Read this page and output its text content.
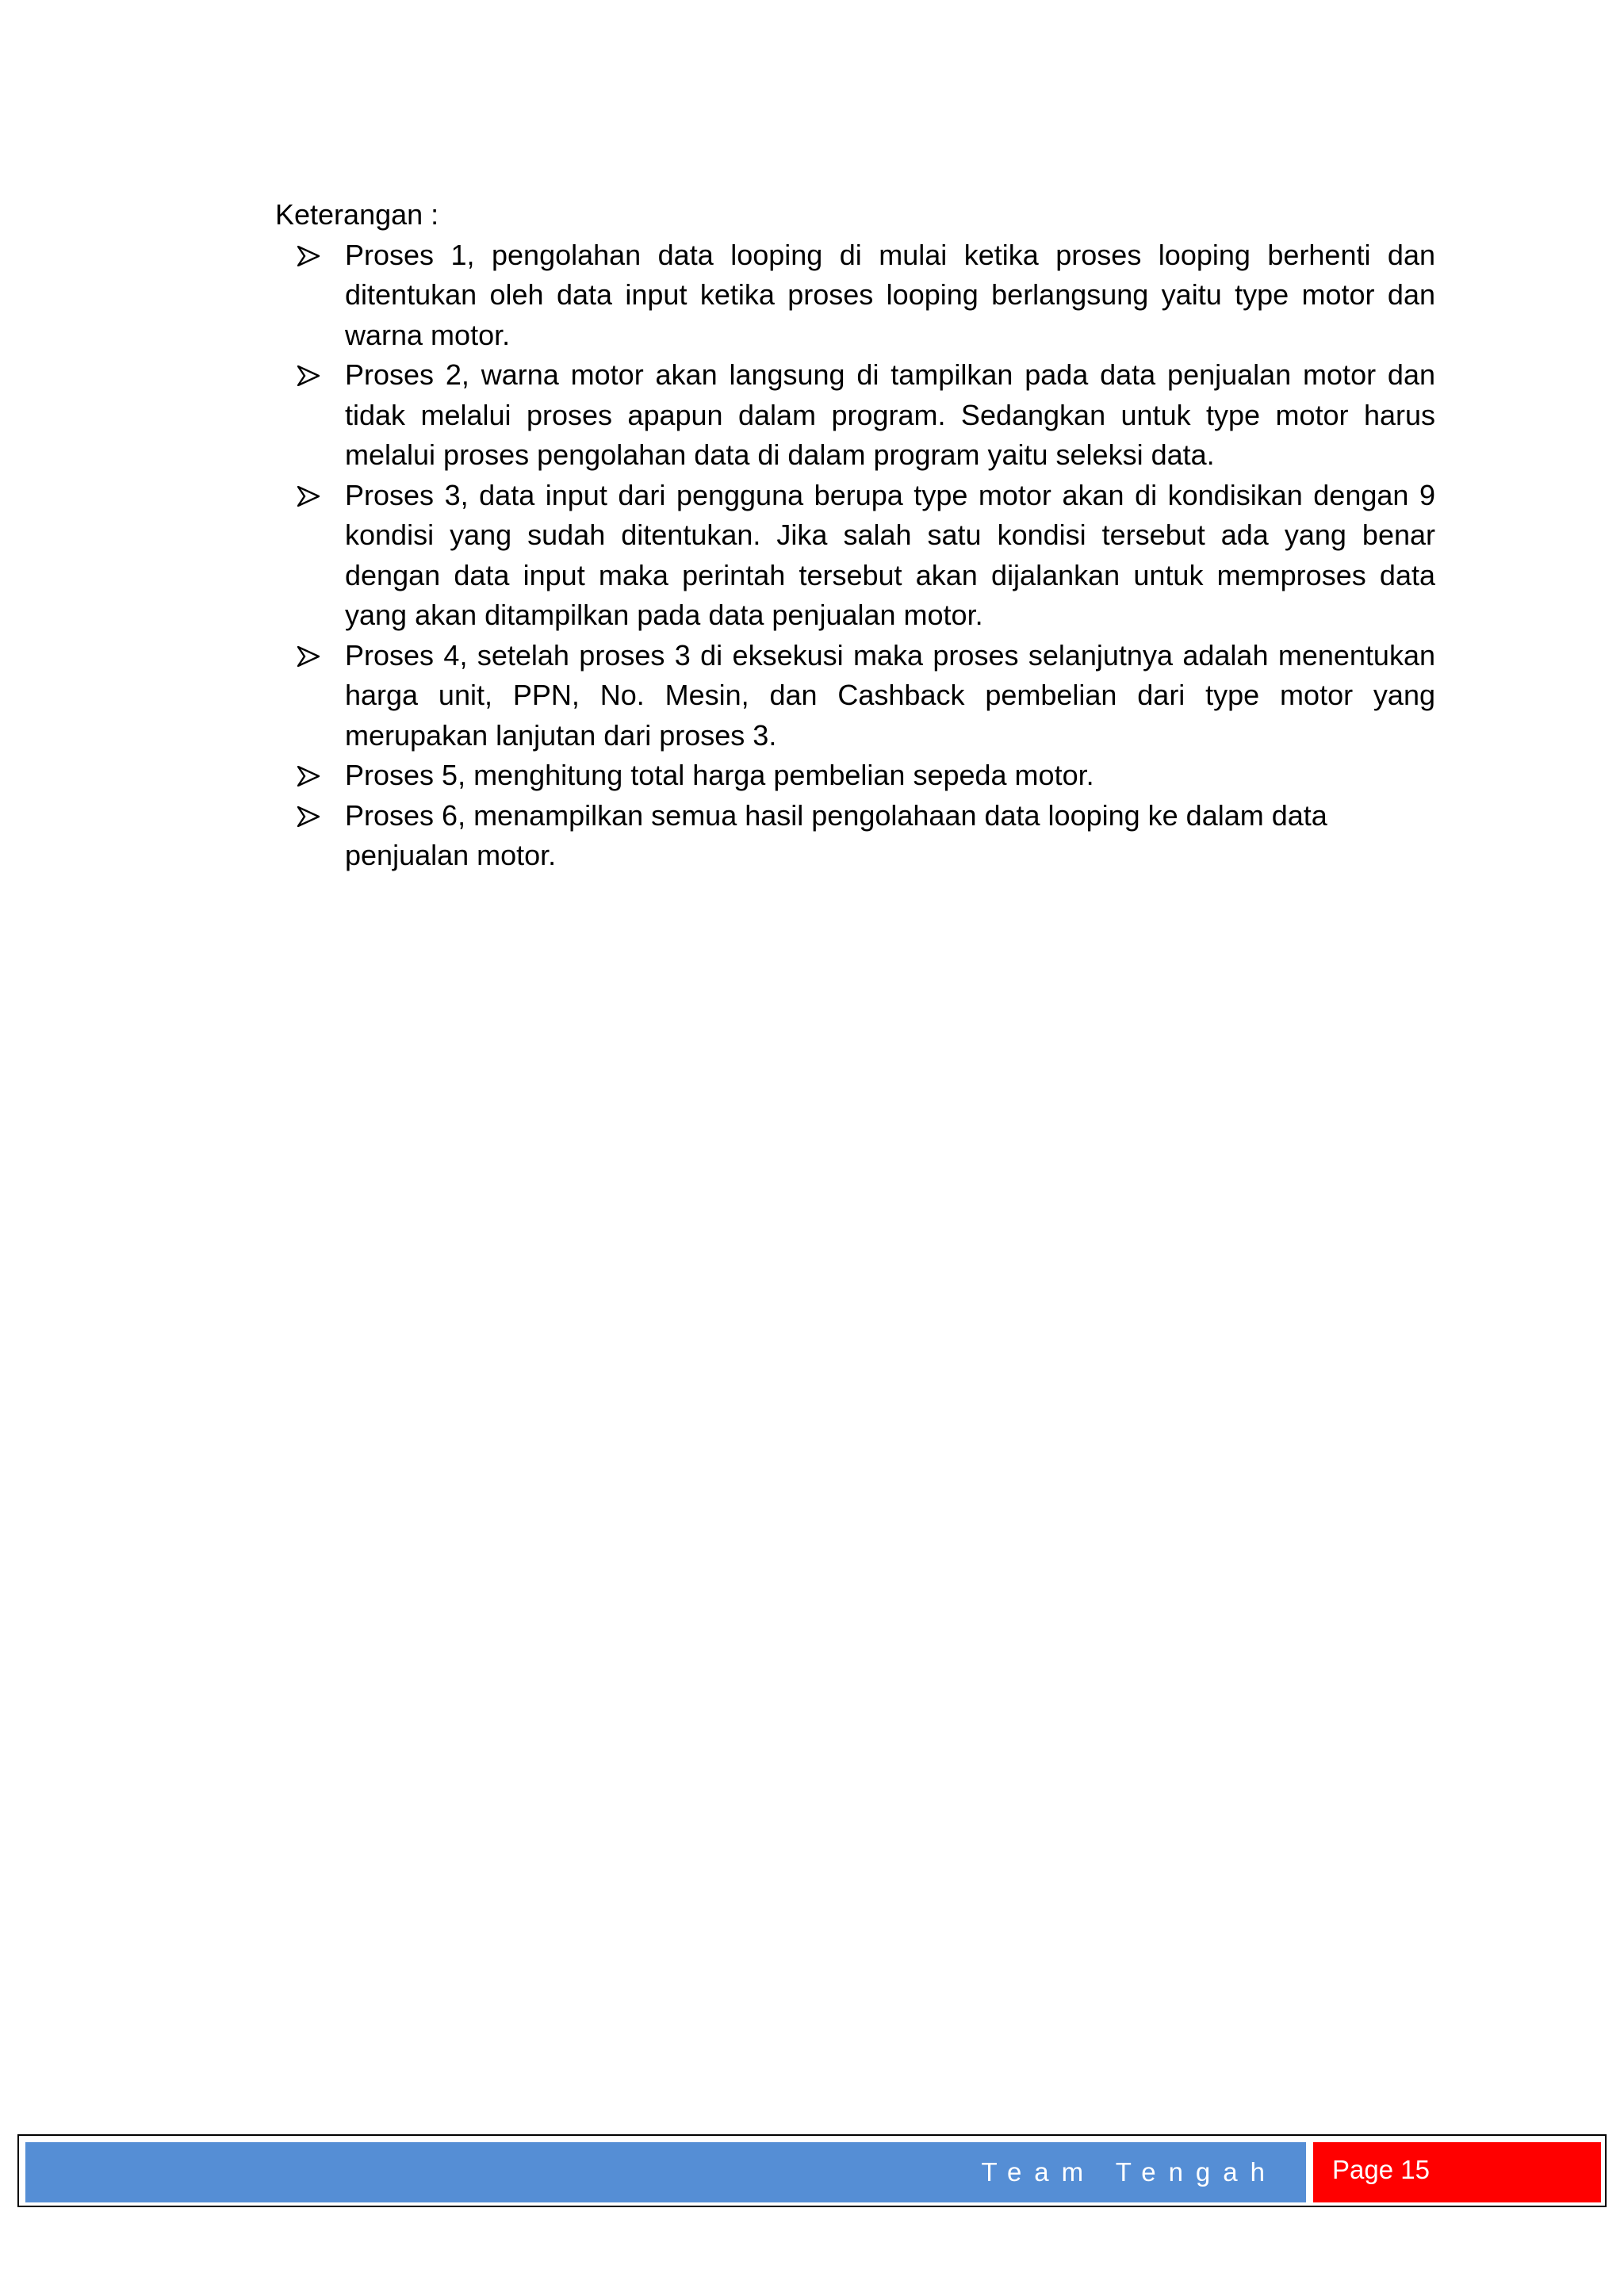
Keterangan :

Proses 1, pengolahan data looping di mulai ketika proses looping berhenti dan ditentukan oleh data input ketika proses looping berlangsung yaitu type motor dan warna motor.
Proses 2, warna motor akan langsung di tampilkan pada data penjualan motor dan tidak melalui proses apapun dalam program. Sedangkan untuk type motor harus melalui proses pengolahan data di dalam program yaitu seleksi data.
Proses 3, data input dari pengguna berupa type motor akan di kondisikan dengan 9 kondisi yang sudah ditentukan. Jika salah satu kondisi tersebut ada yang benar dengan data input maka perintah tersebut akan dijalankan untuk memproses data yang akan ditampilkan pada data penjualan motor.
Proses 4, setelah proses 3 di eksekusi maka proses selanjutnya adalah menentukan harga unit, PPN, No. Mesin, dan Cashback pembelian dari type motor yang merupakan lanjutan dari proses 3.
Proses 5, menghitung total harga pembelian sepeda motor.
Proses 6, menampilkan semua hasil pengolahaan data looping ke dalam data penjualan motor.
Team Tengah Page 15
